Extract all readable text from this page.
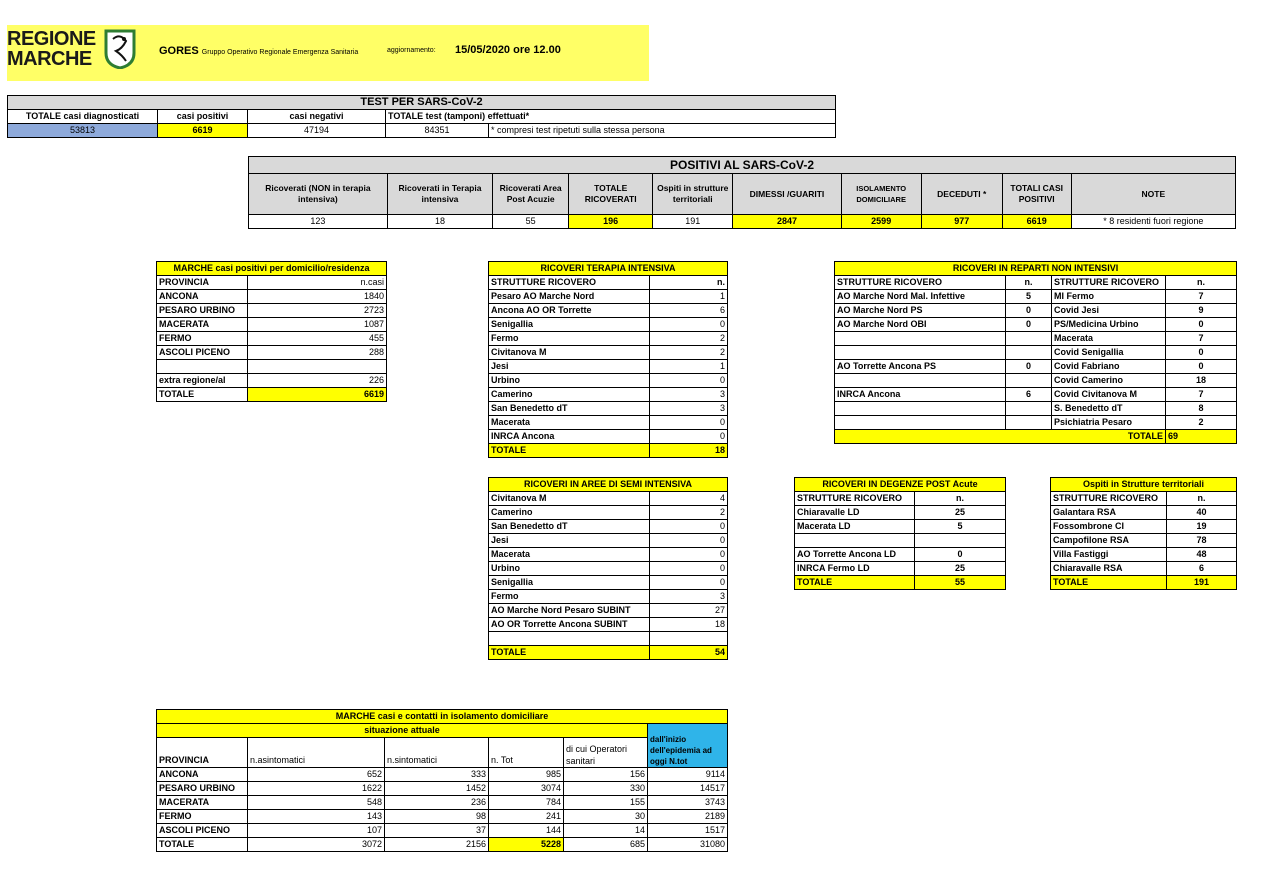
REGIONE
MARCHE	GORES Gruppo Operativo Regionale Emergenza Sanitaria	aggiornamento: 15/05/2020 ore 12.00
TEST PER SARS-CoV-2				
TOTALE casi diagnosticati	casi positivi	casi negativi	TOTALE test (tamponi) effettuati*	
53813	6619	47194	84351	* compresi test ripetuti sulla stessa persona
POSITIVI AL SARS-CoV-2									
Ricoverati (NON in terapia intensiva)	Ricoverati in Terapia intensiva	Ricoverati Area Post Acuzie	TOTALE RICOVERATI	Ospiti in strutture territoriali	DIMESSI /GUARITI	ISOLAMENTO DOMICILIARE	DECEDUTI *	TOTALI CASI POSITIVI	NOTE
123	18	55	196	191	2847	2599	977	6619	* 8 residenti fuori regione
MARCHE casi positivi per domicilio/residenza	
PROVINCIA	n.casi
ANCONA	1840
PESARO URBINO	2723
MACERATA	1087
FERMO	455
ASCOLI PICENO	288

extra regione/al	226
TOTALE	6619
RICOVERI TERAPIA INTENSIVA	
STRUTTURE RICOVERO	n.
Pesaro AO Marche Nord	1
Ancona AO OR Torrette	6
Senigallia	0
Fermo	2
Civitanova M	2
Jesi	1
Urbino	0
Camerino	3
San Benedetto dT	3
Macerata	0
INRCA Ancona	0
TOTALE	18
RICOVERI IN REPARTI NON INTENSIVI			
STRUTTURE RICOVERO	n.	STRUTTURE RICOVERO	n.
AO Marche Nord Mal. Infettive	5	MI Fermo	7
AO Marche Nord PS	0	Covid Jesi	9
AO Marche Nord OBI	0	PS/Medicina Urbino	0
		Macerata	7
		Covid Senigallia	0
AO Torrette Ancona PS	0	Covid Fabriano	0
		Covid Camerino	18
INRCA Ancona	6	Covid Civitanova M	7
		S. Benedetto dT	8
		Psichiatria Pesaro	2
TOTALE			69
RICOVERI IN AREE DI SEMI INTENSIVA	
Civitanova M	4
Camerino	2
San Benedetto dT	0
Jesi	0
Macerata	0
Urbino	0
Senigallia	0
Fermo	3
AO Marche Nord Pesaro SUBINT	27
AO OR Torrette Ancona SUBINT	18

TOTALE	54
RICOVERI IN DEGENZE POST Acute	
STRUTTURE RICOVERO	n.
Chiaravalle LD	25
Macerata LD	5

AO Torrette Ancona LD	0
INRCA Fermo LD	25
TOTALE	55
Ospiti in Strutture territoriali	
STRUTTURE RICOVERO	n.
Galantara RSA	40
Fossombrone CI	19
Campofilone RSA	78
Villa Fastiggi	48
Chiaravalle RSA	6
TOTALE	191
MARCHE casi e contatti in isolamento domiciliare					
situazione attuale					dall'inizio dell'epidemia ad oggi N.tot
PROVINCIA	n.asintomatici	n.sintomatici	n. Tot	di cui Operatori sanitari	
ANCONA	652	333	985	156	9114
PESARO URBINO	1622	1452	3074	330	14517
MACERATA	548	236	784	155	3743
FERMO	143	98	241	30	2189
ASCOLI PICENO	107	37	144	14	1517
TOTALE	3072	2156	5228	685	31080
